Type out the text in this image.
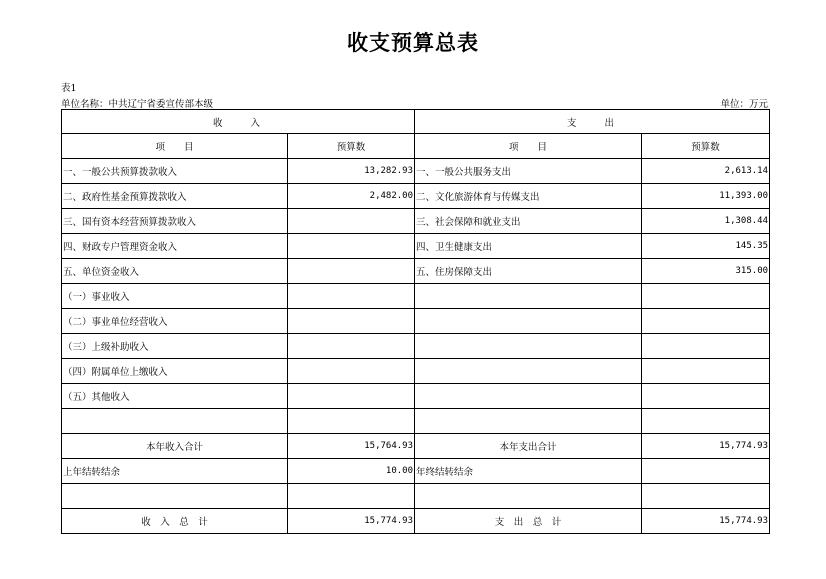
收支预算总表
表1
单位名称：中共辽宁省委宣传部本级	单位：万元
收　　入		支　　出	
项　　目	预算数	项　　目	预算数
一、一般公共预算拨款收入	13,282.93	一、一般公共服务支出	2,613.14
二、政府性基金预算拨款收入	2,482.00	二、文化旅游体育与传媒支出	11,393.00
三、国有资本经营预算拨款收入		三、社会保障和就业支出	1,308.44
四、财政专户管理资金收入		四、卫生健康支出	145.35
五、单位资金收入		五、住房保障支出	315.00
（一）事业收入			
（二）事业单位经营收入			
（三）上级补助收入			
（四）附属单位上缴收入			
（五）其他收入			

本年收入合计	15,764.93	本年支出合计	15,774.93
上年结转结余	10.00	年终结转结余	

收　入　总　计	15,774.93	支　出　总　计	15,774.93
